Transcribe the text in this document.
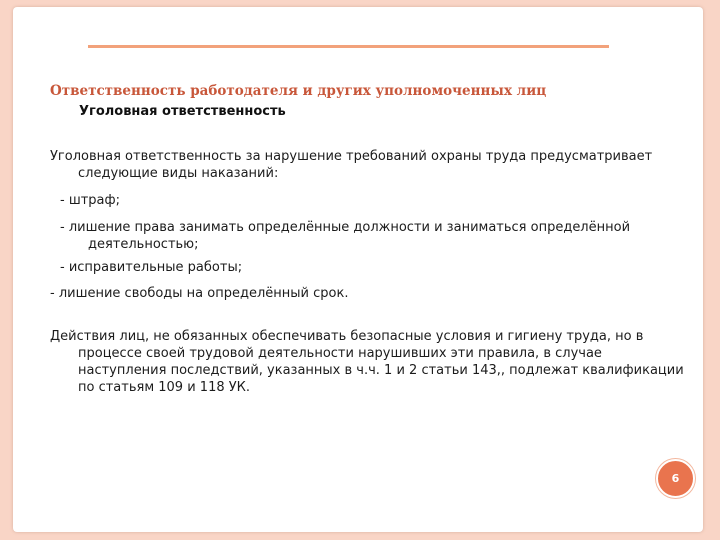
Ответственность работодателя и других уполномоченных лиц
Уголовная ответственность

Уголовная ответственность за нарушение требований охраны труда предусматривает следующие виды наказаний:

- штраф;

- лишение права занимать определённые должности и заниматься определённой деятельностью;

- исправительные работы;

- лишение свободы на определённый срок.

Действия лиц, не обязанных обеспечивать безопасные условия и гигиену труда, но в процессе своей трудовой деятельности нарушивших эти правила, в случае наступления последствий, указанных в ч.ч. 1 и 2 статьи 143,, подлежат квалификации по статьям 109 и 118 УК.

6
